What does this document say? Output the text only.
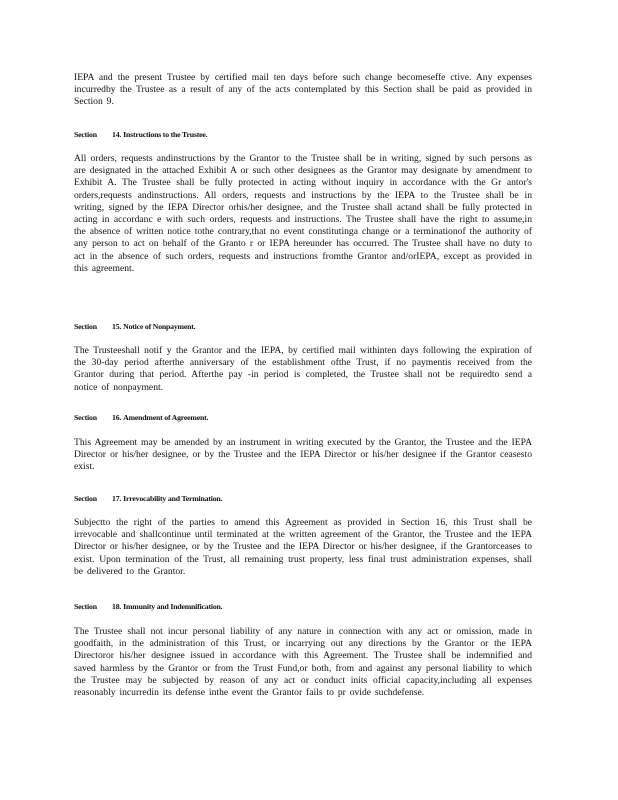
IEPA and the present Trustee by certified mail ten days before such change becomeseffe ctive. Any expenses incurredby the Trustee as a result of any of the acts contemplated by this Section shall be paid as provided in Section 9.

Section 14. Instructions to the Trustee.

All orders, requests andinstructions by the Grantor to the Trustee shall be in writing, signed by such persons as are designated in the attached Exhibit A or such other designees as the Grantor may designate by amendment to Exhibit A. The Trustee shall be fully protected in acting without inquiry in accordance with the Gr antor's orders,requests andinstructions. All orders, requests and instructions by the IEPA to the Trustee shall be in writing, signed by the IEPA Director orhis/her designee, and the Trustee shall actand shall be fully protected in acting in accordanc e with such orders, requests and instructions. The Trustee shall have the right to assume,in the absence of written notice tothe contrary,that no event constitutinga change or a terminationof the authority of any person to act on behalf of the Granto r or IEPA hereunder has occurred. The Trustee shall have no duty to act in the absence of such orders, requests and instructions fromthe Grantor and/orIEPA, except as provided in this agreement.

Section 15. Notice of Nonpayment.

The Trusteeshall notif y the Grantor and the IEPA, by certified mail withinten days following the expiration of the 30-day period afterthe anniversary of the establishment ofthe Trust, if no paymentis received from the Grantor during that period. Afterthe pay -in period is completed, the Trustee shall not be requiredto send a notice of nonpayment.

Section 16. Amendment of Agreement.

This Agreement may be amended by an instrument in writing executed by the Grantor, the Trustee and the IEPA Director or his/her designee, or by the Trustee and the IEPA Director or his/her designee if the Grantor ceasesto exist.

Section 17. Irrevocability and Termination.

Subjectto the right of the parties to amend this Agreement as provided in Section 16, this Trust shall be irrevocable and shallcontinue until terminated at the written agreement of the Grantor, the Trustee and the IEPA Director or his/her designee, or by the Trustee and the IEPA Director or his/her designee, if the Grantorceases to exist. Upon termination of the Trust, all remaining trust property, less final trust administration expenses, shall be delivered to the Grantor.

Section 18. Immunity and Indemnification.

The Trustee shall not incur personal liability of any nature in connection with any act or omission, made in goodfaith, in the administration of this Trust, or incarrying out any directions by the Grantor or the IEPA Directoror his/her designee issued in accordance with this Agreement. The Trustee shall be indemnified and saved harmless by the Grantor or from the Trust Fund,or both, from and against any personal liability to which the Trustee may be subjected by reason of any act or conduct inits official capacity,including all expenses reasonably incurredin its defense inthe event the Grantor fails to pr ovide suchdefense.
